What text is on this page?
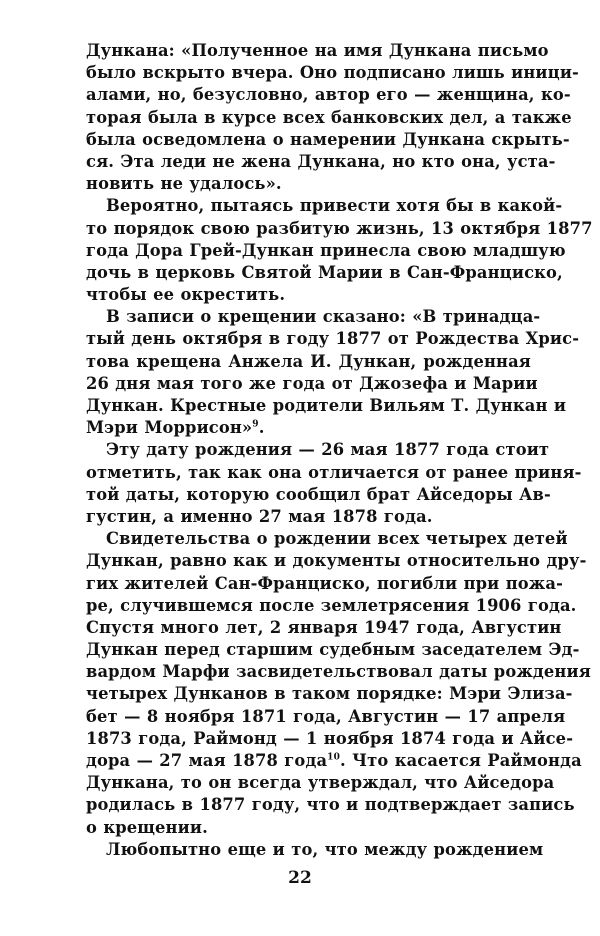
Дункана: «Полученное на имя Дункана письмо
было вскрыто вчера. Оно подписано лишь иници-
алами, но, безусловно, автор его — женщина, ко-
торая была в курсе всех банковских дел, а также
была осведомлена о намерении Дункана скрыть-
ся. Эта леди не жена Дункана, но кто она, уста-
новить не удалось».
Вероятно, пытаясь привести хотя бы в какой-
то порядок свою разбитую жизнь, 13 октября 1877
года Дора Грей-Дункан принесла свою младшую
дочь в церковь Святой Марии в Сан-Франциско,
чтобы ее окрестить.
В записи о крещении сказано: «В тринадца-
тый день октября в году 1877 от Рождества Хрис-
това крещена Анжела И. Дункан, рожденная
26 дня мая того же года от Джозефа и Марии
Дункан. Крестные родители Вильям Т. Дункан и
Мэри Моррисон»$^9$.
Эту дату рождения — 26 мая 1877 года стоит
отметить, так как она отличается от ранее приня-
той даты, которую сообщил брат Айседоры Ав-
густин, а именно 27 мая 1878 года.
Свидетельства о рождении всех четырех детей
Дункан, равно как и документы относительно дру-
гих жителей Сан-Франциско, погибли при пожа-
ре, случившемся после землетрясения 1906 года.
Спустя много лет, 2 января 1947 года, Августин
Дункан перед старшим судебным заседателем Эд-
вардом Марфи засвидетельствовал даты рождения
четырех Дунканов в таком порядке: Мэри Элиза-
бет — 8 ноября 1871 года, Августин — 17 апреля
1873 года, Раймонд — 1 ноября 1874 года и Айсе-
дора — 27 мая 1878 года$^{10}$. Что касается Раймонда
Дункана, то он всегда утверждал, что Айседора
родилась в 1877 году, что и подтверждает запись
о крещении.
Любопытно еще и то, что между рождением
22
